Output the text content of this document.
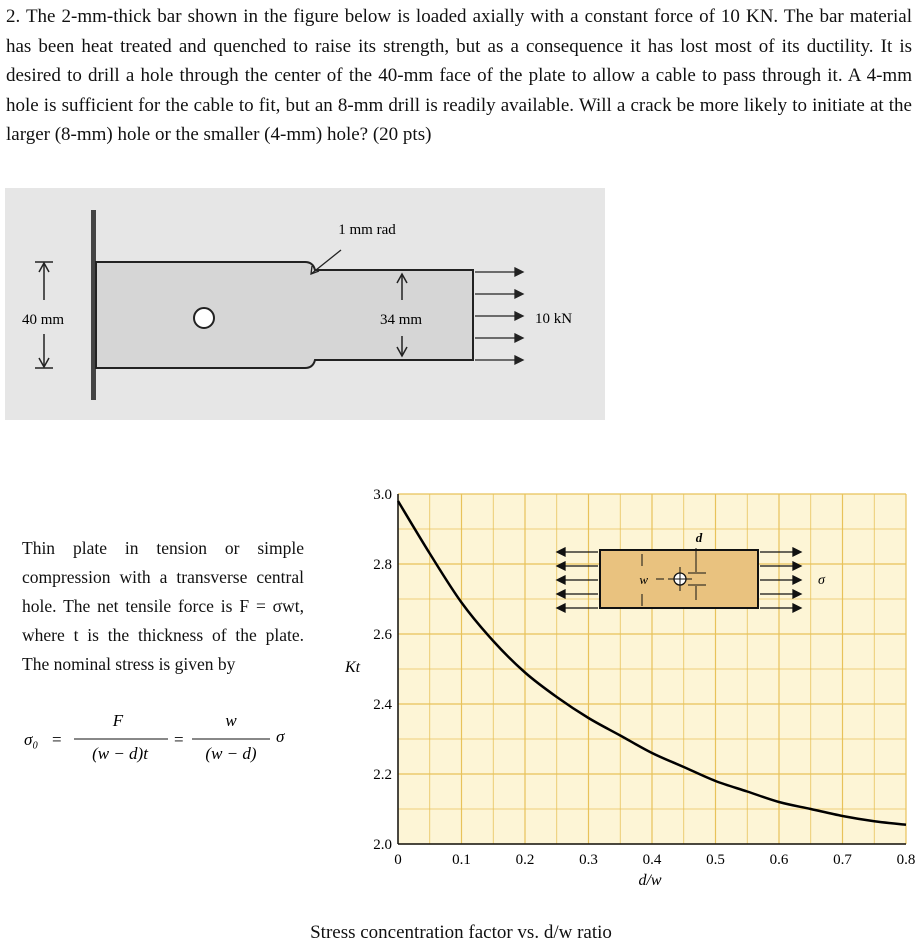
2. The 2-mm-thick bar shown in the figure below is loaded axially with a constant force of 10 KN. The bar material has been heat treated and quenched to raise its strength, but as a consequence it has lost most of its ductility. It is desired to drill a hole through the center of the 40-mm face of the plate to allow a cable to pass through it. A 4-mm hole is sufficient for the cable to fit, but an 8-mm drill is readily available. Will a crack be more likely to initiate at the larger (8-mm) hole or the smaller (4-mm) hole? (20 pts)

40 mm
1 mm rad
34 mm	10 kN

Thin plate in tension or simple compression with a transverse central hole. The net tensile force is F = σwt, where t is the thickness of the plate. The nominal stress is given by

σ₀ =
F
(w − d)t
=
w
(w − d)
σ
0	0.1	0.2	0.3	0.4	0.5	0.6	0.7	0.8
2.0
2.2
2.4
2.6
2.8
3.0
Kt
d/w
d
w	σ
Stress concentration factor vs. d/w ratio
